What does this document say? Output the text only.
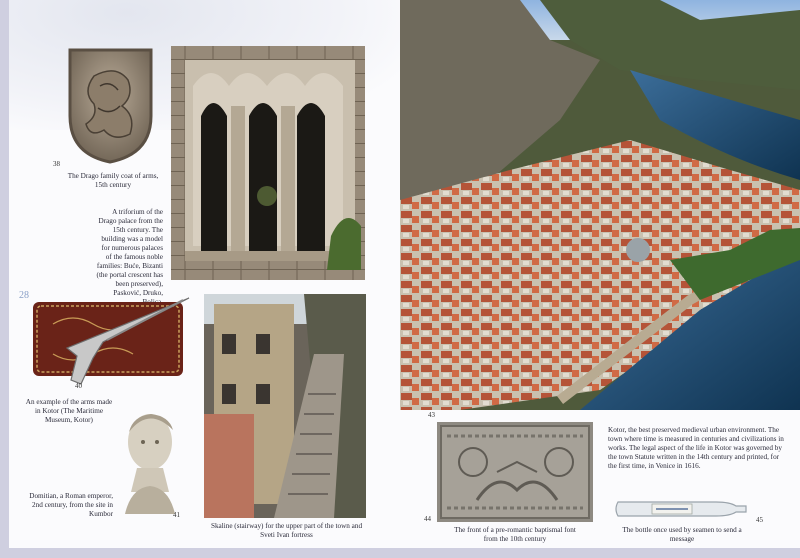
38
The Drago family coat of arms, 15th century
A triforium of the Drago palace from the 15th century. The building was a model for numerous palaces of the famous noble families: Buće, Bizanti (the portal crescent has been preserved), Pasković, Druko,
28
40
An example of the arms made in Kotor (The Maritime Museum, Kotor)
Domitian, a Roman emperor, 2nd century, from the site in Kumbor	41
Skaline (stairway) for the upper part of the town and Sveti Ivan fortress
43
44
The front of a pre-romantic baptismal font from the 10th century
Kotor, the best preserved medieval urban environment. The town where time is measured in centuries and civilizations in works. The legal aspect of the life in Kotor was governed by the town Statute written in the 14th century and printed, for the first time, in Venice in 1616.
45
The bottle once used by seamen to send a message
